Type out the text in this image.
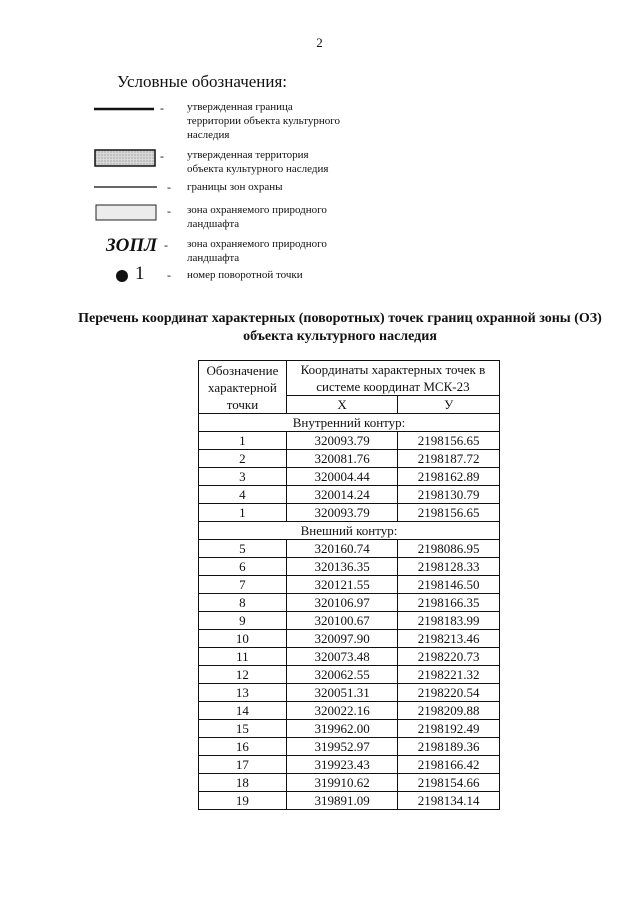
2
Условные обозначения:
- утвержденная граница
территории объекта культурного
наследия
- утвержденная территория
объекта культурного наследия
- границы зон охраны
- зона охраняемого природного
ландшафта
ЗОПЛ - зона охраняемого природного
ландшафта
1 - номер поворотной точки
Перечень координат характерных (поворотных) точек границ охранной зоны (ОЗ) объекта культурного наследия
Обозначение характерной точки	Координаты характерных точек в системе координат МСК-23	
	X	У
Внутренний контур:		
1	320093.79	2198156.65
2	320081.76	2198187.72
3	320004.44	2198162.89
4	320014.24	2198130.79
1	320093.79	2198156.65
Внешний контур:		
5	320160.74	2198086.95
6	320136.35	2198128.33
7	320121.55	2198146.50
8	320106.97	2198166.35
9	320100.67	2198183.99
10	320097.90	2198213.46
11	320073.48	2198220.73
12	320062.55	2198221.32
13	320051.31	2198220.54
14	320022.16	2198209.88
15	319962.00	2198192.49
16	319952.97	2198189.36
17	319923.43	2198166.42
18	319910.62	2198154.66
19	319891.09	2198134.14
